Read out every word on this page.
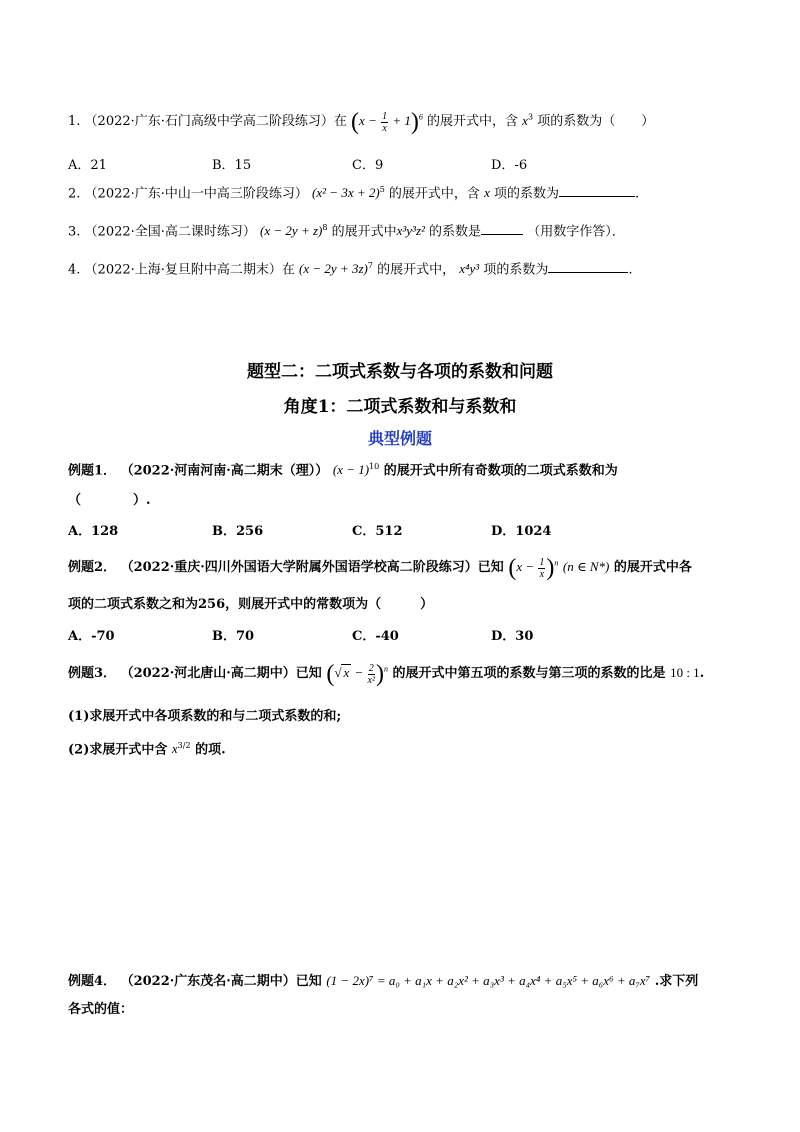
1. （2022·广东·石门高级中学高二阶段练习）在 $(x - \frac{1}{x} + 1)^6$ 的展开式中，含 $x^3$ 项的系数为（　　）
A．21	B．15	C．9	D．-6
2. （2022·广东·中山一中高三阶段练习） $(x^2 - 3x + 2)^5$ 的展开式中，含 x 项的系数为	.
3. （2022·全国·高二课时练习） $(x - 2y + z)^8$ 的展开式中x³y³z² 的系数是	（用数字作答）．
4. （2022·上海·复旦附中高二期末）在 $(x - 2y + 3z)^7$ 的展开式中， x⁴y³ 项的系数为	.
题型二：二项式系数与各项的系数和问题
角度1：二项式系数和与系数和
典型例题
例题1． （2022·河南河南·高二期末（理）） $(x - 1)^{10}$ 的展开式中所有奇数项的二项式系数和为
（　　　　）.
A．128	B．256	C．512	D．1024
例题2． （2022·重庆·四川外国语大学附属外国语学校高二阶段练习）已知 $(x - \frac{1}{x} )^n$ (n ∈ N*) 的展开式中各
项的二项式系数之和为256，则展开式中的常数项为（　　　）
A．-70	B．70	C．-40	D．30
例题3． （2022·河北唐山·高二期中）已知 (√ $x - \frac{2}{\text{x²}} )^n$ 的展开式中第五项的系数与第三项的系数的比是 10 : 1.
(1)求展开式中各项系数的和与二项式系数的和;
(2)求展开式中含 $x^{3/2}$ 的项.
例题4． （2022·广东茂名·高二期中）已知 (1 − 2x)⁷ = a₀ + a₁x + a₂x² + a₃x³ + a₄x⁴ + a₅x⁵ + a₆x⁶ + a₇x⁷ .求下列
各式的值：
